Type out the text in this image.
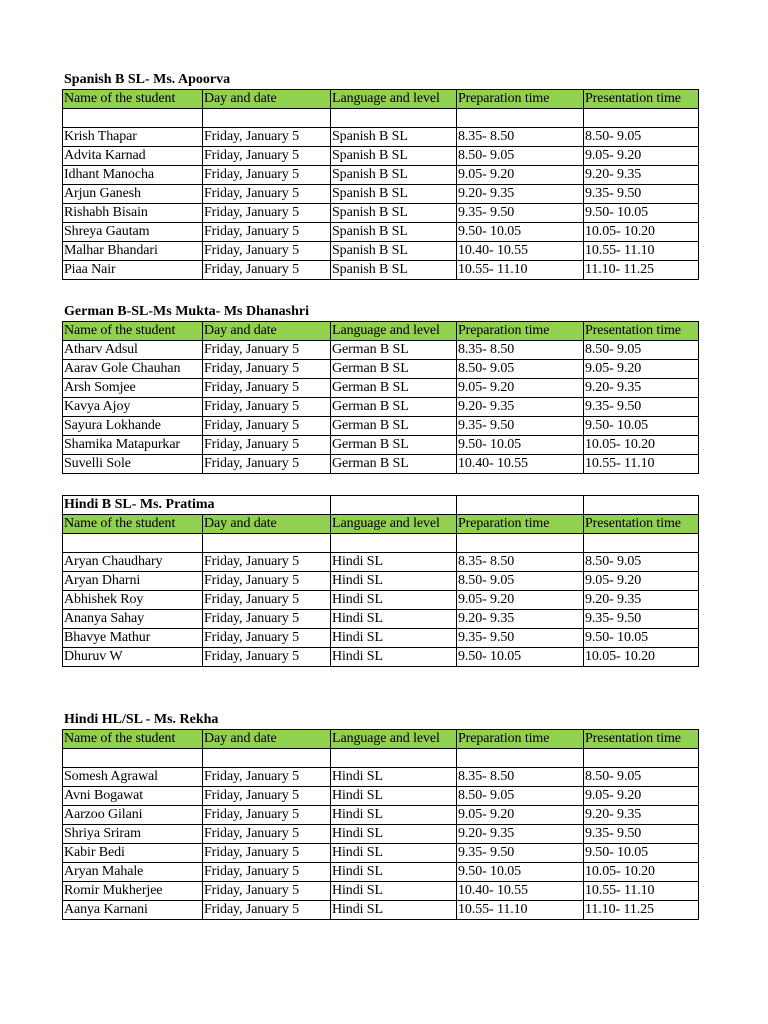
Spanish B SL- Ms. Apoorva
Name of the student	Day and date	Language and level	Preparation time	Presentation time

Krish Thapar	Friday, January 5	Spanish B SL	8.35- 8.50	8.50- 9.05
Advita Karnad	Friday, January 5	Spanish B SL	8.50- 9.05	9.05- 9.20
Idhant Manocha	Friday, January 5	Spanish B SL	9.05- 9.20	9.20- 9.35
Arjun Ganesh	Friday, January 5	Spanish B SL	9.20- 9.35	9.35- 9.50
Rishabh Bisain	Friday, January 5	Spanish B SL	9.35- 9.50	9.50- 10.05
Shreya Gautam	Friday, January 5	Spanish B SL	9.50- 10.05	10.05- 10.20
Malhar Bhandari	Friday, January 5	Spanish B SL	10.40- 10.55	10.55- 11.10
Piaa Nair	Friday, January 5	Spanish B SL	10.55- 11.10	11.10- 11.25
German B-SL-Ms Mukta- Ms Dhanashri
Name of the student	Day and date	Language and level	Preparation time	Presentation time
Atharv Adsul	Friday, January 5	German B SL	8.35- 8.50	8.50- 9.05
Aarav Gole Chauhan	Friday, January 5	German B SL	8.50- 9.05	9.05- 9.20
Arsh Somjee	Friday, January 5	German B SL	9.05- 9.20	9.20- 9.35
Kavya Ajoy	Friday, January 5	German B SL	9.20- 9.35	9.35- 9.50
Sayura Lokhande	Friday, January 5	German B SL	9.35- 9.50	9.50- 10.05
Shamika Matapurkar	Friday, January 5	German B SL	9.50- 10.05	10.05- 10.20
Suvelli Sole	Friday, January 5	German B SL	10.40- 10.55	10.55- 11.10
Hindi B SL- Ms. Pratima			
Name of the student	Day and date	Language and level	Preparation time	Presentation time

Aryan Chaudhary	Friday, January 5	Hindi SL	8.35- 8.50	8.50- 9.05
Aryan Dharni	Friday, January 5	Hindi SL	8.50- 9.05	9.05- 9.20
Abhishek Roy	Friday, January 5	Hindi SL	9.05- 9.20	9.20- 9.35
Ananya Sahay	Friday, January 5	Hindi SL	9.20- 9.35	9.35- 9.50
Bhavye Mathur	Friday, January 5	Hindi SL	9.35- 9.50	9.50- 10.05
Dhuruv W	Friday, January 5	Hindi SL	9.50- 10.05	10.05- 10.20
Hindi HL/SL - Ms. Rekha
Name of the student	Day and date	Language and level	Preparation time	Presentation time

Somesh Agrawal	Friday, January 5	Hindi SL	8.35- 8.50	8.50- 9.05
Avni Bogawat	Friday, January 5	Hindi SL	8.50- 9.05	9.05- 9.20
Aarzoo Gilani	Friday, January 5	Hindi SL	9.05- 9.20	9.20- 9.35
Shriya Sriram	Friday, January 5	Hindi SL	9.20- 9.35	9.35- 9.50
Kabir Bedi	Friday, January 5	Hindi SL	9.35- 9.50	9.50- 10.05
Aryan Mahale	Friday, January 5	Hindi SL	9.50- 10.05	10.05- 10.20
Romir Mukherjee	Friday, January 5	Hindi SL	10.40- 10.55	10.55- 11.10
Aanya Karnani	Friday, January 5	Hindi SL	10.55- 11.10	11.10- 11.25
